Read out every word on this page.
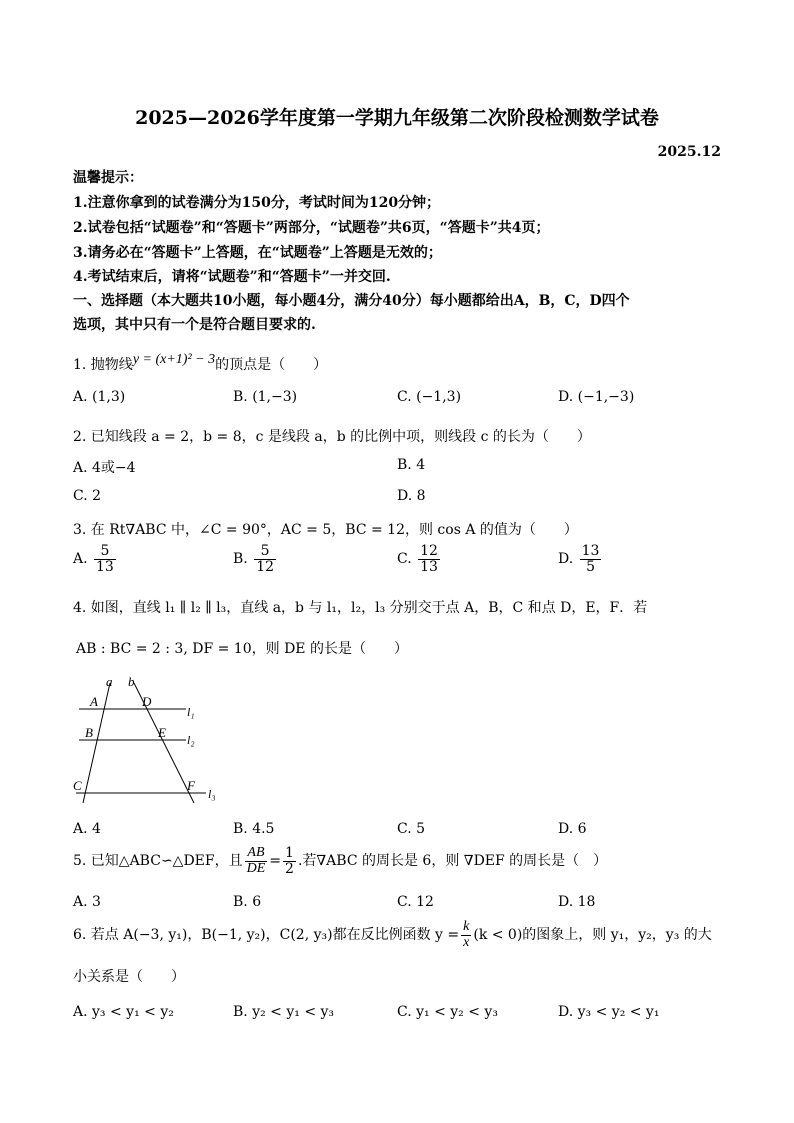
2025—2026学年度第一学期九年级第二次阶段检测数学试卷
2025.12
温馨提示：
1.注意你拿到的试卷满分为150分，考试时间为120分钟；
2.试卷包括“试题卷”和“答题卡”两部分，“试题卷”共6页，“答题卡”共4页；
3.请务必在“答题卡”上答题，在“试题卷”上答题是无效的；
4.考试结束后，请将“试题卷”和“答题卡”一并交回.
一、选择题（本大题共10小题，每小题4分，满分40分）每小题都给出A，B，C，D四个
选项，其中只有一个是符合题目要求的.
1. 抛物线y = (x+1)² − 3的顶点是（　　）
A. (1,3)	B. (1,−3)	C. (−1,3)	D. (−1,−3)
2. 已知线段 a = 2，b = 8，c 是线段 a，b 的比例中项，则线段 c 的长为（　　）
A. 4或−4	B. 4
C. 2	D. 8
3. 在 Rt∇ABC 中，∠C = 90°，AC = 5，BC = 12，则 cos A 的值为（　　）
A. $\frac{5}{13}$	B. $\frac{5}{12}$	C. $\frac{12}{13}$	D. $\frac{13}{5}$
4. 如图，直线 l₁ ∥ l₂ ∥ l₃，直线 a，b 与 l₁，l₂，l₃ 分别交于点 A，B，C 和点 D，E，F．若
AB : BC = 2 : 3, DF = 10，则 DE 的长是（　　）
a b
A	D
B	E
C	F
l₁
l₂
l₃
A. 4	B. 4.5	C. 5	D. 6
5. 已知△ABC∽△DEF，且 $\frac{AB}{DE} = \frac{1}{2}$ .若∇ABC 的周长是 6，则 ∇DEF 的周长是（　）
A. 3	B. 6	C. 12	D. 18
6. 若点 A(−3, y₁)，B(−1, y₂)，C(2, y₃)都在反比例函数 $y = \frac{k}{x} (k < 0)$的图象上，则 y₁，y₂，y₃ 的大
小关系是（　　）
A. y₃ < y₁ < y₂	B. y₂ < y₁ < y₃	C. y₁ < y₂ < y₃	D. y₃ < y₂ < y₁
